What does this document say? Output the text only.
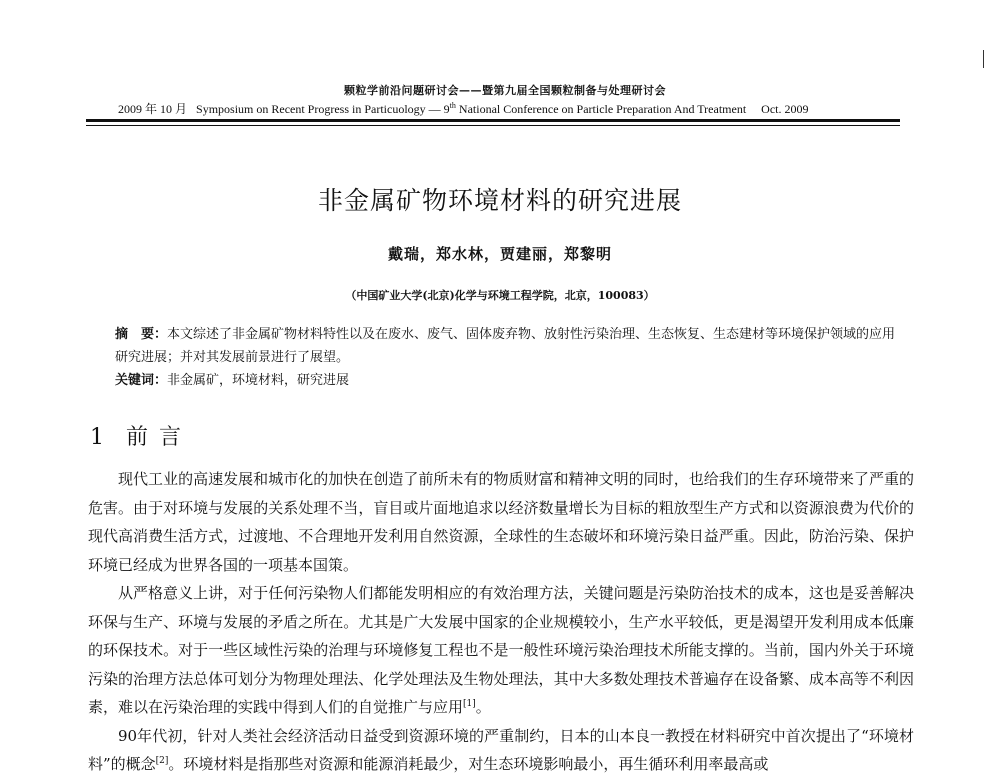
颗粒学前沿问题研讨会——暨第九届全国颗粒制备与处理研讨会
2009 年 10 月 Symposium on Recent Progress in Particuology — 9th National Conference on Particle Preparation And Treatment Oct. 2009
非金属矿物环境材料的研究进展
戴瑞，郑水林，贾建丽，郑黎明
（中国矿业大学(北京)化学与环境工程学院，北京，100083）

摘　要：本文综述了非金属矿物材料特性以及在废水、废气、固体废弃物、放射性污染治理、生态恢复、生态建材等环境保护领域的应用研究进展；并对其发展前景进行了展望。

关键词：非金属矿，环境材料，研究进展

1 前 言

现代工业的高速发展和城市化的加快在创造了前所未有的物质财富和精神文明的同时，也给我们的生存环境带来了严重的危害。由于对环境与发展的关系处理不当，盲目或片面地追求以经济数量增长为目标的粗放型生产方式和以资源浪费为代价的现代高消费生活方式，过渡地、不合理地开发利用自然资源，全球性的生态破坏和环境污染日益严重。因此，防治污染、保护环境已经成为世界各国的一项基本国策。

从严格意义上讲，对于任何污染物人们都能发明相应的有效治理方法，关键问题是污染防治技术的成本，这也是妥善解决环保与生产、环境与发展的矛盾之所在。尤其是广大发展中国家的企业规模较小，生产水平较低，更是渴望开发利用成本低廉的环保技术。对于一些区域性污染的治理与环境修复工程也不是一般性环境污染治理技术所能支撑的。当前，国内外关于环境污染的治理方法总体可划分为物理处理法、化学处理法及生物处理法，其中大多数处理技术普遍存在设备繁、成本高等不利因素，难以在污染治理的实践中得到人们的自觉推广与应用[1]。

90年代初，针对人类社会经济活动日益受到资源环境的严重制约，日本的山本良一教授在材料研究中首次提出了“环境材料”的概念[2]。环境材料是指那些对资源和能源消耗最少，对生态环境影响最小，再生循环利用率最高或
